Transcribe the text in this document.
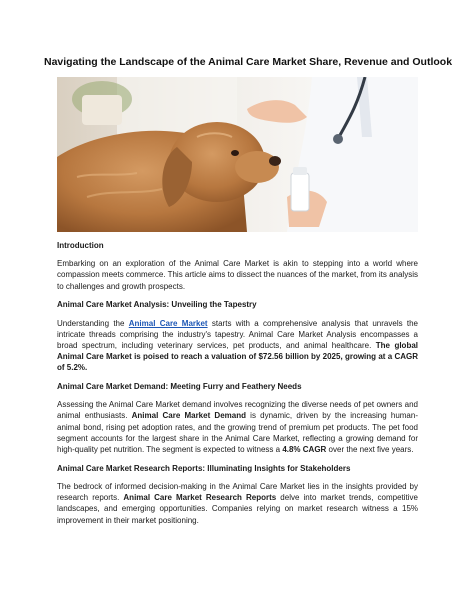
Navigating the Landscape of the Animal Care Market Share, Revenue and Outlook

Introduction

Embarking on an exploration of the Animal Care Market is akin to stepping into a world where compassion meets commerce. This article aims to dissect the nuances of the market, from its analysis to challenges and growth prospects.

Animal Care Market Analysis: Unveiling the Tapestry

Understanding the Animal Care Market starts with a comprehensive analysis that unravels the intricate threads comprising the industry's tapestry. Animal Care Market Analysis encompasses a broad spectrum, including veterinary services, pet products, and animal healthcare. The global Animal Care Market is poised to reach a valuation of $72.56 billion by 2025, growing at a CAGR of 5.2%.

Animal Care Market Demand: Meeting Furry and Feathery Needs

Assessing the Animal Care Market demand involves recognizing the diverse needs of pet owners and animal enthusiasts. Animal Care Market Demand is dynamic, driven by the increasing human-animal bond, rising pet adoption rates, and the growing trend of premium pet products. The pet food segment accounts for the largest share in the Animal Care Market, reflecting a growing demand for high-quality pet nutrition. The segment is expected to witness a 4.8% CAGR over the next five years.

Animal Care Market Research Reports: Illuminating Insights for Stakeholders

The bedrock of informed decision-making in the Animal Care Market lies in the insights provided by research reports. Animal Care Market Research Reports delve into market trends, competitive landscapes, and emerging opportunities. Companies relying on market research witness a 15% improvement in their market positioning.
